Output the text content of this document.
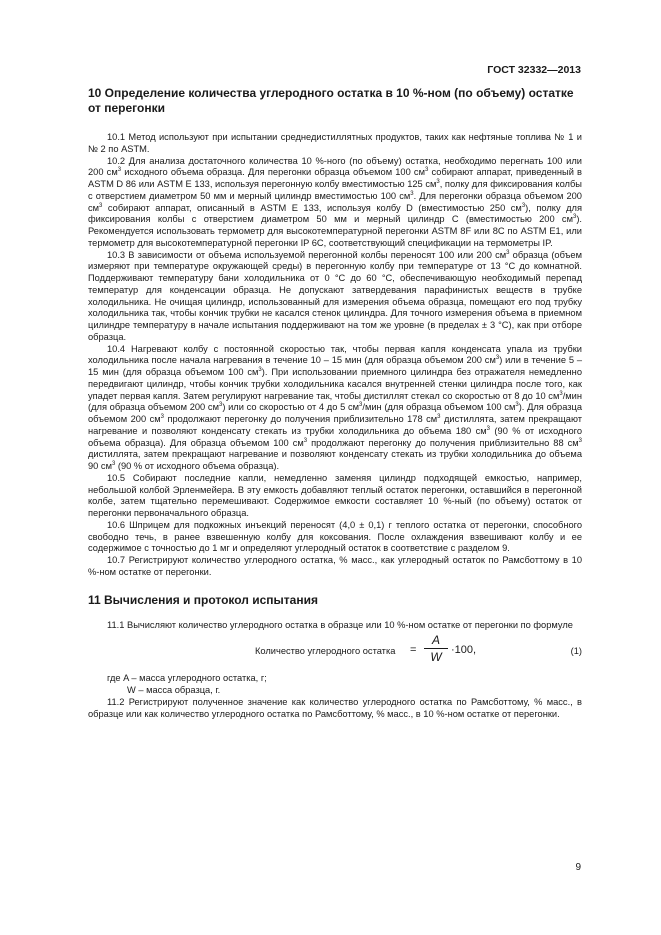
ГОСТ 32332—2013
10 Определение количества углеродного остатка в 10 %-ном (по объему) остатке от перегонки

10.1 Метод используют при испытании среднедистиллятных продуктов, таких как нефтяные топлива № 1 и № 2 по ASTM.

10.2 Для анализа достаточного количества 10 %-ного (по объему) остатка, необходимо перегнать 100 или 200 $см^3$ исходного объема образца. Для перегонки образца объемом 100 $см^3$ собирают аппарат, приведенный в ASTM D 86 или ASTM E 133, используя перегонную колбу вместимостью 125 $см^3$, полку для фиксирования колбы с отверстием диаметром 50 мм и мерный цилиндр вместимостью 100 $см^3$. Для перегонки образца объемом 200 $см^3$ собирают аппарат, описанный в ASTM E 133, используя колбу D (вместимостью 250 $см^3$), полку для фиксирования колбы с отверстием диаметром 50 мм и мерный цилиндр C (вместимостью 200 $см^3$). Рекомендуется использовать термометр для высокотемпературной перегонки ASTM 8F или 8C по ASTM E1, или термометр для высокотемпературной перегонки IP 6C, соответствующий спецификации на термометры IP.

10.3 В зависимости от объема используемой перегонной колбы переносят 100 или 200 $см^3$ образца (объем измеряют при температуре окружающей среды) в перегонную колбу при температуре от 13 °C до комнатной. Поддерживают температуру бани холодильника от 0 °C до 60 °C, обеспечивающую необходимый перепад температур для конденсации образца. Не допускают затвердевания парафинистых веществ в трубке холодильника. Не очищая цилиндр, использованный для измерения объема образца, помещают его под трубку холодильника так, чтобы кончик трубки не касался стенок цилиндра. Для точного измерения объема в приемном цилиндре температуру в начале испытания поддерживают на том же уровне (в пределах ± 3 °C), как при отборе образца.

10.4 Нагревают колбу с постоянной скоростью так, чтобы первая капля конденсата упала из трубки холодильника после начала нагревания в течение 10 – 15 мин (для образца объемом 200 $см^3$) или в течение 5 – 15 мин (для образца объемом 100 $см^3$). При использовании приемного цилиндра без отражателя немедленно передвигают цилиндр, чтобы кончик трубки холодильника касался внутренней стенки цилиндра после того, как упадет первая капля. Затем регулируют нагревание так, чтобы дистиллят стекал со скоростью от 8 до 10 $см^3$/мин (для образца объемом 200 $см^3$) или со скоростью от 4 до 5 $см^3$/мин (для образца объемом 100 $см^3$). Для образца объемом 200 $см^3$ продолжают перегонку до получения приблизительно 178 $см^3$ дистиллята, затем прекращают нагревание и позволяют конденсату стекать из трубки холодильника до объема 180 $см^3$ (90 % от исходного объема образца). Для образца объемом 100 $см^3$ продолжают перегонку до получения приблизительно 88 $см^3$ дистиллята, затем прекращают нагревание и позволяют конденсату стекать из трубки холодильника до объема 90 $см^3$ (90 % от исходного объема образца).

10.5 Собирают последние капли, немедленно заменяя цилиндр подходящей емкостью, например, небольшой колбой Эрленмейера. В эту емкость добавляют теплый остаток перегонки, оставшийся в перегонной колбе, затем тщательно перемешивают. Содержимое емкости составляет 10 %-ный (по объему) остаток от перегонки первоначального образца.

10.6 Шприцем для подкожных инъекций переносят (4,0 ± 0,1) г теплого остатка от перегонки, способного свободно течь, в ранее взвешенную колбу для коксования. После охлаждения взвешивают колбу и ее содержимое с точностью до 1 мг и определяют углеродный остаток в соответствие с разделом 9.

10.7 Регистрируют количество углеродного остатка, % масс., как углеродный остаток по Рамсботтому в 10 %-ном остатке от перегонки.

11 Вычисления и протокол испытания

11.1 Вычисляют количество углеродного остатка в образце или 10 %-ном остатке от перегонки по формуле

Количество углеродного остатка =
A
W ·100,	(1)

где A – масса углеродного остатка, г;

W – масса образца, г.

11.2 Регистрируют полученное значение как количество углеродного остатка по Рамсботтому, % масс., в образце или как количество углеродного остатка по Рамсботтому, % масс., в 10 %-ном остатке от перегонки.

9
